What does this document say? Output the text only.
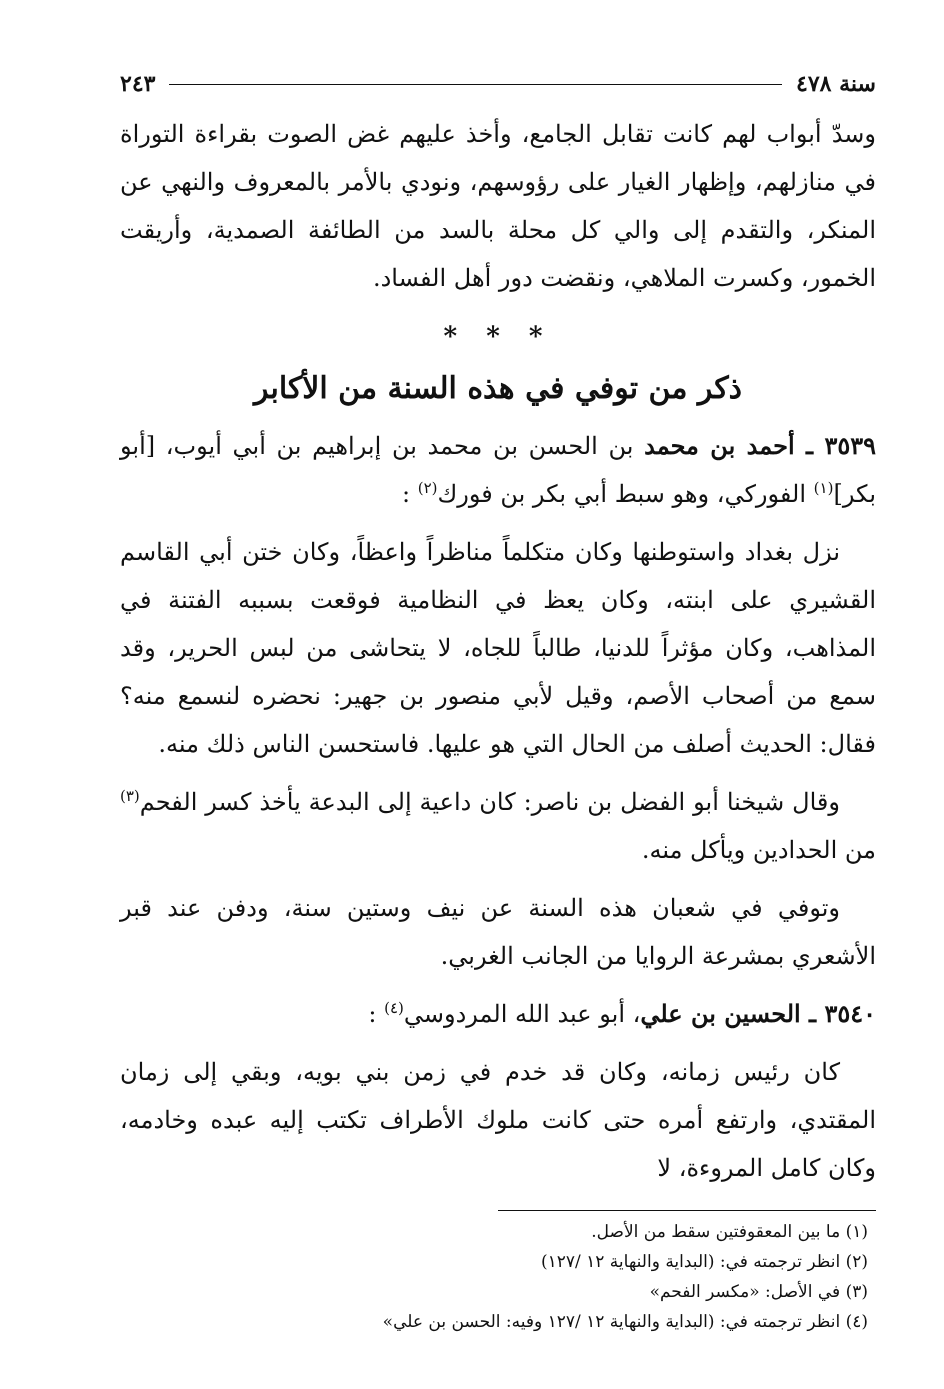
سنة ٤٧٨
٢٤٣

وسدّ أبواب لهم كانت تقابل الجامع، وأخذ عليهم غض الصوت بقراءة التوراة في منازلهم، وإظهار الغيار على رؤوسهم، ونودي بالأمر بالمعروف والنهي عن المنكر، والتقدم إلى والي كل محلة بالسد من الطائفة الصمدية، وأريقت الخمور، وكسرت الملاهي، ونقضت دور أهل الفساد.

* * *
ذكر من توفي في هذه السنة من الأكابر

٣٥٣٩ ـ أحمد بن محمد بن الحسن بن محمد بن إبراهيم بن أبي أيوب، [أبو بكر]$^{(١)}$ الفوركي، وهو سبط أبي بكر بن فورك$^{(٢)}$ :

نزل بغداد واستوطنها وكان متكلماً مناظراً واعظاً، وكان ختن أبي القاسم القشيري على ابنته، وكان يعظ في النظامية فوقعت بسببه الفتنة في المذاهب، وكان مؤثراً للدنيا، طالباً للجاه، لا يتحاشى من لبس الحرير، وقد سمع من أصحاب الأصم، وقيل لأبي منصور بن جهير: نحضره لنسمع منه؟ فقال: الحديث أصلف من الحال التي هو عليها. فاستحسن الناس ذلك منه.

وقال شيخنا أبو الفضل بن ناصر: كان داعية إلى البدعة يأخذ كسر الفحم$^{(٣)}$ من الحدادين ويأكل منه.

وتوفي في شعبان هذه السنة عن نيف وستين سنة، ودفن عند قبر الأشعري بمشرعة الروايا من الجانب الغربي.

٣٥٤٠ ـ الحسين بن علي، أبو عبد الله المردوسي$^{(٤)}$ :

كان رئيس زمانه، وكان قد خدم في زمن بني بويه، وبقي إلى زمان المقتدي، وارتفع أمره حتى كانت ملوك الأطراف تكتب إليه عبده وخادمه، وكان كامل المروءة، لا

(١) ما بين المعقوفتين سقط من الأصل.
(٢) انظر ترجمته في: (البداية والنهاية ١٢ /١٢٧)
(٣) في الأصل: «مكسر الفحم»
(٤) انظر ترجمته في: (البداية والنهاية ١٢ /١٢٧ وفيه: الحسن بن علي»
